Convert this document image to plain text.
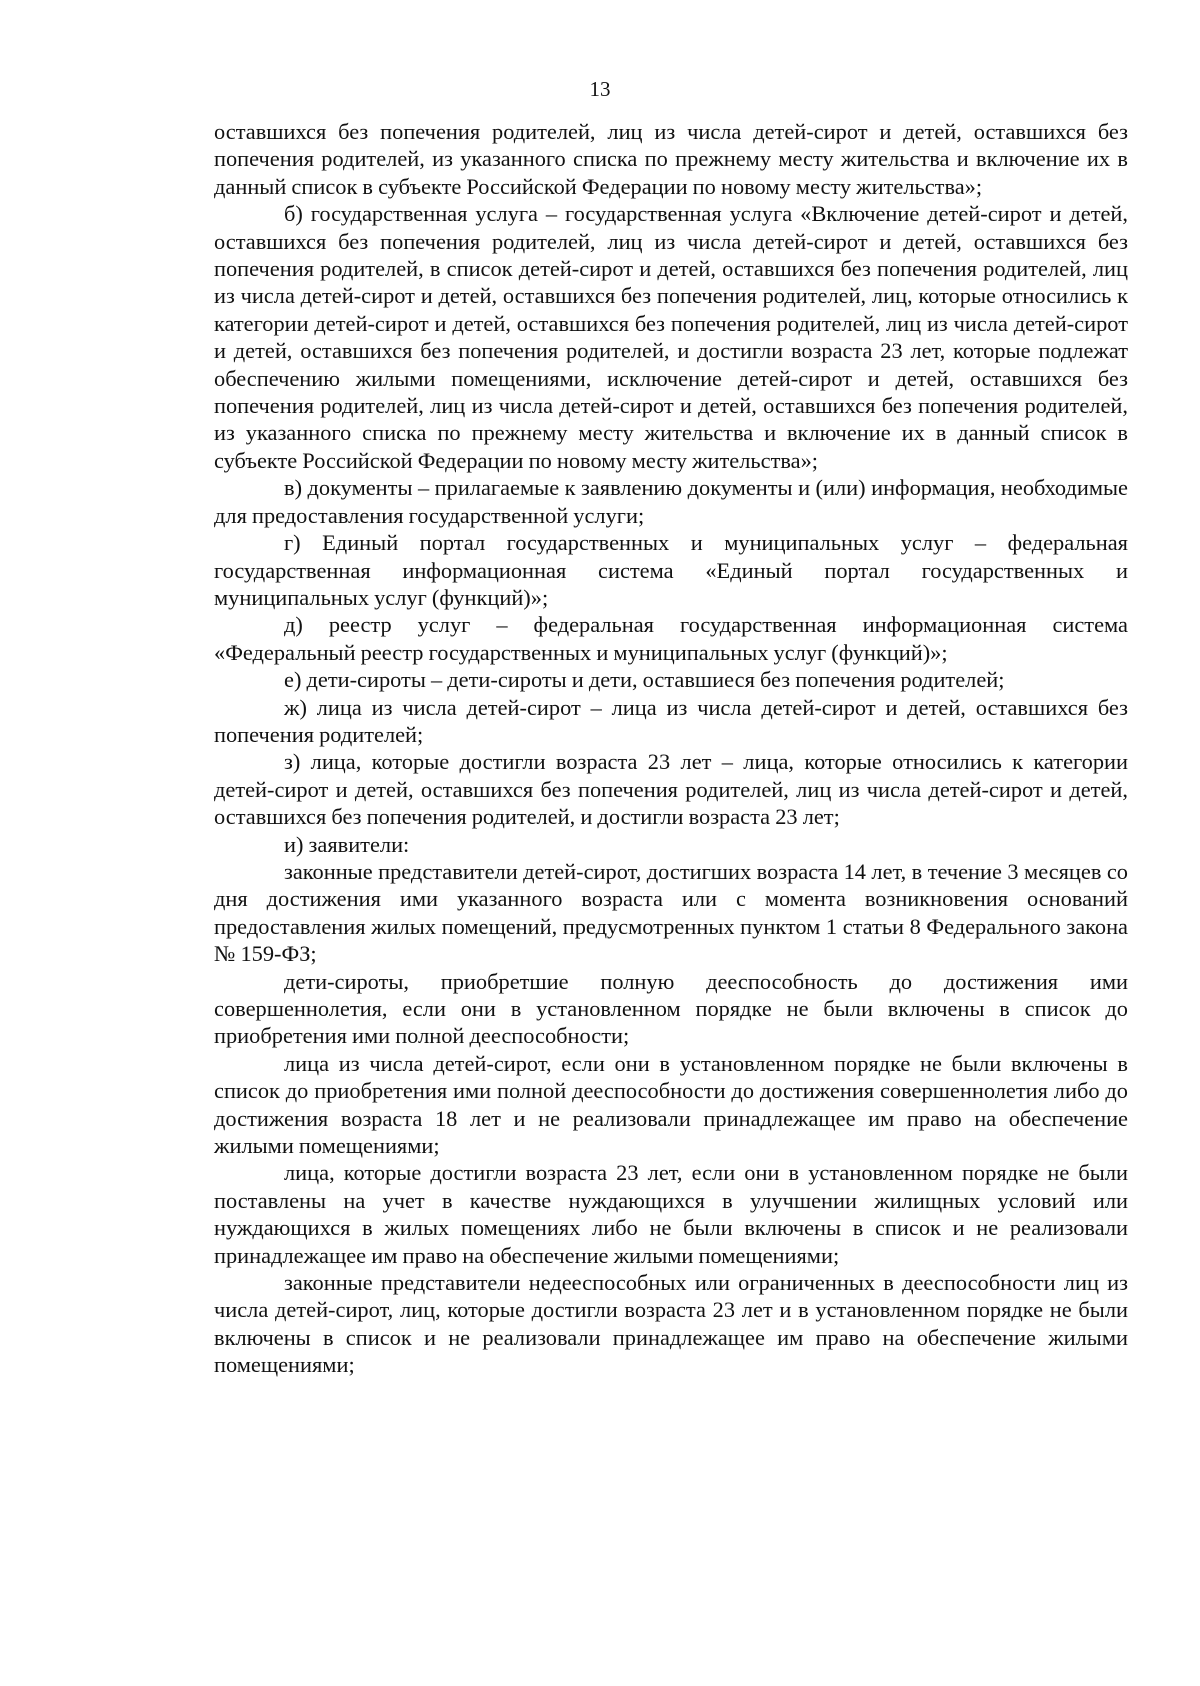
13

оставшихся без попечения родителей, лиц из числа детей-сирот и детей, оставшихся без попечения родителей, из указанного списка по прежнему месту жительства и включение их в данный список в субъекте Российской Федерации по новому месту жительства»;

б) государственная услуга – государственная услуга «Включение детей-сирот и детей, оставшихся без попечения родителей, лиц из числа детей-сирот и детей, оставшихся без попечения родителей, в список детей-сирот и детей, оставшихся без попечения родителей, лиц из числа детей-сирот и детей, оставшихся без попечения родителей, лиц, которые относились к категории детей-сирот и детей, оставшихся без попечения родителей, лиц из числа детей-сирот и детей, оставшихся без попечения родителей, и достигли возраста 23 лет, которые подлежат обеспечению жилыми помещениями, исключение детей-сирот и детей, оставшихся без попечения родителей, лиц из числа детей-сирот и детей, оставшихся без попечения родителей, из указанного списка по прежнему месту жительства и включение их в данный список в субъекте Российской Федерации по новому месту жительства»;

в) документы – прилагаемые к заявлению документы и (или) информация, необходимые для предоставления государственной услуги;

г) Единый портал государственных и муниципальных услуг – федеральная государственная информационная система «Единый портал государственных и муниципальных услуг (функций)»;

д) реестр услуг – федеральная государственная информационная система «Федеральный реестр государственных и муниципальных услуг (функций)»;

е) дети-сироты – дети-сироты и дети, оставшиеся без попечения родителей;

ж) лица из числа детей-сирот – лица из числа детей-сирот и детей, оставшихся без попечения родителей;

з) лица, которые достигли возраста 23 лет – лица, которые относились к категории детей-сирот и детей, оставшихся без попечения родителей, лиц из числа детей-сирот и детей, оставшихся без попечения родителей, и достигли возраста 23 лет;

и) заявители:

законные представители детей-сирот, достигших возраста 14 лет, в течение 3 месяцев со дня достижения ими указанного возраста или с момента возникновения оснований предоставления жилых помещений, предусмотренных пунктом 1 статьи 8 Федерального закона № 159-ФЗ;

дети-сироты, приобретшие полную дееспособность до достижения ими совершеннолетия, если они в установленном порядке не были включены в список до приобретения ими полной дееспособности;

лица из числа детей-сирот, если они в установленном порядке не были включены в список до приобретения ими полной дееспособности до достижения совершеннолетия либо до достижения возраста 18 лет и не реализовали принадлежащее им право на обеспечение жилыми помещениями;

лица, которые достигли возраста 23 лет, если они в установленном порядке не были поставлены на учет в качестве нуждающихся в улучшении жилищных условий или нуждающихся в жилых помещениях либо не были включены в список и не реализовали принадлежащее им право на обеспечение жилыми помещениями;

законные представители недееспособных или ограниченных в дееспособности лиц из числа детей-сирот, лиц, которые достигли возраста 23 лет и в установленном порядке не были включены в список и не реализовали принадлежащее им право на обеспечение жилыми помещениями;
